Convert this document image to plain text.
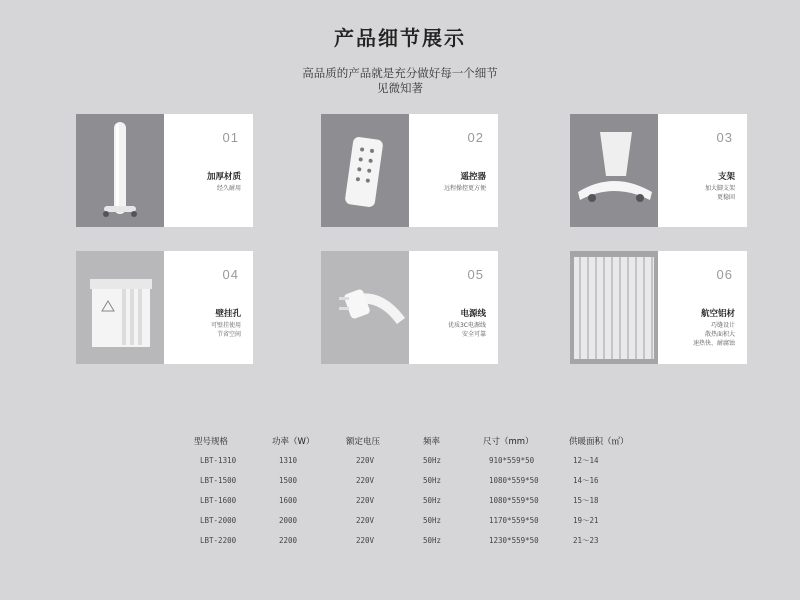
产品细节展示
高品质的产品就是充分做好每一个细节
见微知著
01
加厚材质
经久耐用
02
遥控器
远程操控更方便
03
支架
加大脚支架
更稳固
04
壁挂孔
可壁挂使用
节省空间
05
电源线
优质3C电源线
安全可靠
06
航空铝材
巧缝设计
散热面积大
速热快、耐腐蚀
型号规格	功率（W）	额定电压	频率	尺寸（mm）	供暖面积（㎡）
LBT-1310	1310	220V	50Hz	910*559*50	12～14
LBT-1500	1500	220V	50Hz	1080*559*50	14～16
LBT-1600	1600	220V	50Hz	1080*559*50	15～18
LBT-2000	2000	220V	50Hz	1170*559*50	19～21
LBT-2200	2200	220V	50Hz	1230*559*50	21～23
